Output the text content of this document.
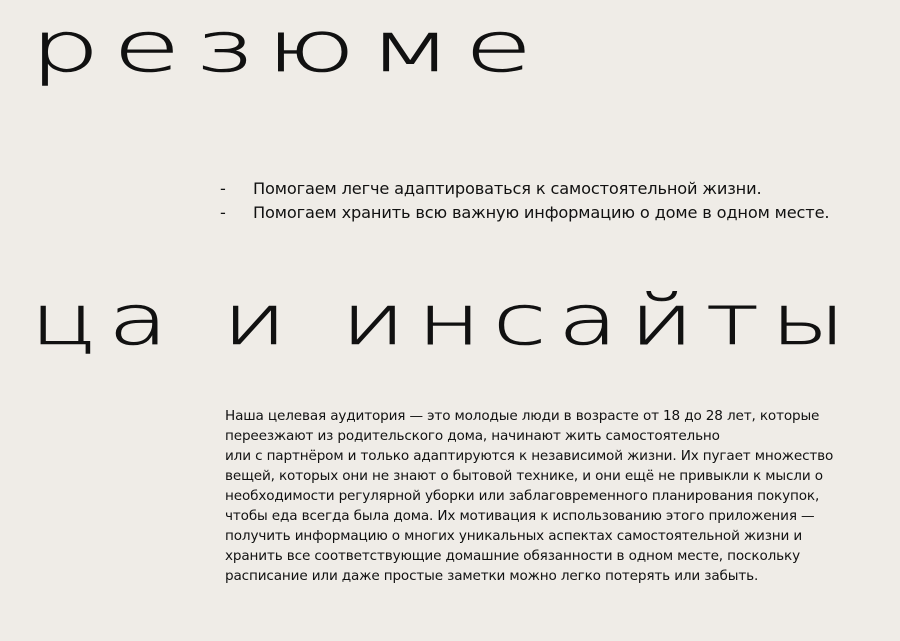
резюме
-	Помогаем легче адаптироваться к самостоятельной жизни.
-	Помогаем хранить всю важную информацию о доме в одном месте.
ца и инсайты

Наша целевая аудитория — это молодые люди в возрасте от 18 до 28 лет, которые
переезжают из родительского дома, начинают жить самостоятельно
или с партнёром и только адаптируются к независимой жизни. Их пугает множество
вещей, которых они не знают о бытовой технике, и они ещё не привыкли к мысли о
необходимости регулярной уборки или заблаговременного планирования покупок,
чтобы еда всегда была дома. Их мотивация к использованию этого приложения —
получить информацию о многих уникальных аспектах самостоятельной жизни и
хранить все соответствующие домашние обязанности в одном месте, поскольку
расписание или даже простые заметки можно легко потерять или забыть.
